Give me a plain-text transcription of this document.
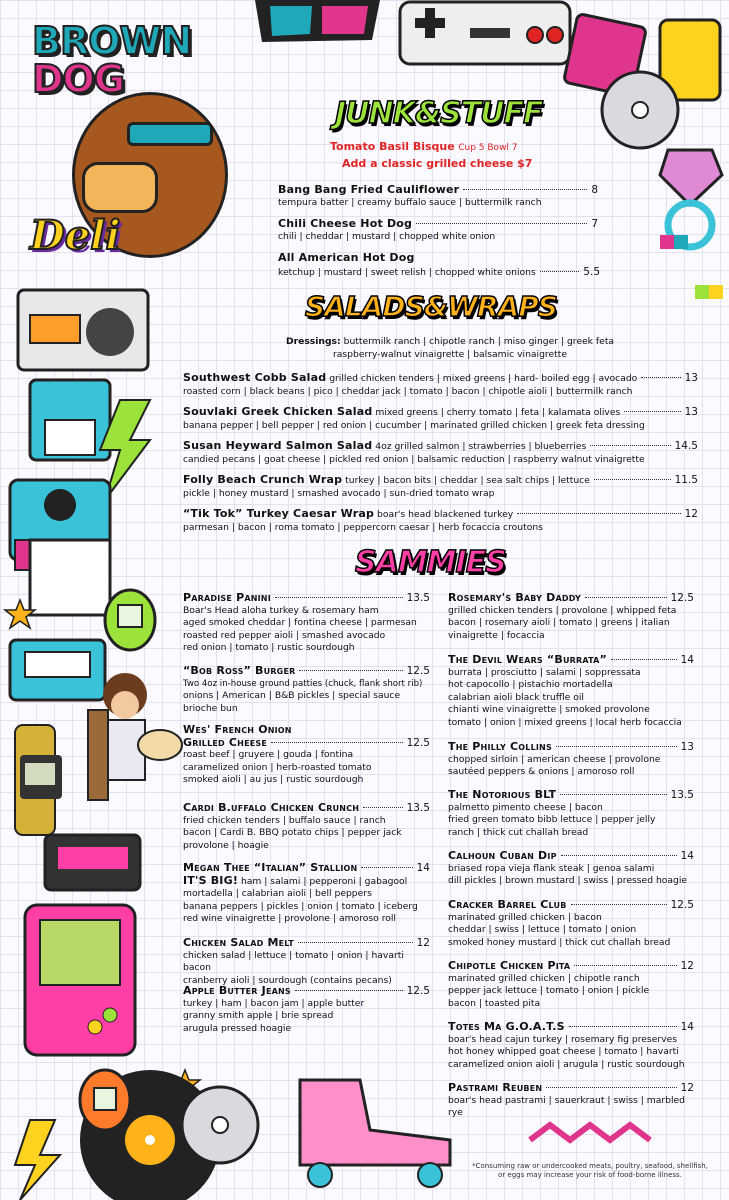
BROWN
DOG
Deli
JUNK&STUFF
Tomato Basil Bisque Cup 5 Bowl 7
Add a classic grilled cheese $7
Bang Bang Fried Cauliflower	8
tempura batter | creamy buffalo sauce | buttermilk ranch
Chili Cheese Hot Dog	7
chili | cheddar | mustard | chopped white onion
All American Hot Dog
ketchup | mustard | sweet relish | chopped white onions	5.5
SALADS&WRAPS
Dressings: buttermilk ranch | chipotle ranch | miso ginger | greek feta
raspberry-walnut vinaigrette | balsamic vinaigrette
Southwest Cobb Salad
grilled chicken tenders | mixed greens | hard- boiled egg | avocado	13
roasted corn | black beans | pico | cheddar jack | tomato | bacon | chipotle aioli | buttermilk ranch
Souvlaki Greek Chicken Salad
mixed greens | cherry tomato | feta | kalamata olives	13
banana pepper | bell pepper | red onion | cucumber | marinated grilled chicken | greek feta dressing
Susan Heyward Salmon Salad
4oz grilled salmon | strawberries | blueberries	14.5
candied pecans | goat cheese | pickled red onion | balsamic reduction | raspberry walnut vinaigrette
Folly Beach Crunch Wrap
turkey | bacon bits | cheddar | sea salt chips | lettuce	11.5
pickle | honey mustard | smashed avocado | sun-dried tomato wrap
“Tik Tok” Turkey Caesar Wrap
boar's head blackened turkey	12
parmesan | bacon | roma tomato | peppercorn caesar | herb focaccia croutons
SAMMIES
Paradise Panini	13.5
Boar's Head aloha turkey & rosemary ham
aged smoked cheddar | fontina cheese | parmesan
roasted red pepper aioli | smashed avocado
red onion | tomato | rustic sourdough
“Bob Ross” Burger	12.5
Two 4oz in-house ground patties (chuck, flank short rib)
onions | American | B&B pickles | special sauce
brioche bun
Wes' French Onion
Grilled Cheese	12.5
roast beef | gruyere | gouda | fontina
caramelized onion | herb-roasted tomato
smoked aioli | au jus | rustic sourdough
Cardi B.uffalo Chicken Crunch	13.5
fried chicken tenders | buffalo sauce | ranch
bacon | Cardi B. BBQ potato chips | pepper jack
provolone | hoagie
Megan Thee “Italian” Stallion	14
IT'S BIG! ham | salami | pepperoni | gabagool
mortadella | calabrian aioli | bell peppers
banana peppers | pickles | onion | tomato | iceberg
red wine vinaigrette | provolone | amoroso roll
Chicken Salad Melt	12
chicken salad | lettuce | tomato | onion | havarti bacon
cranberry aioli | sourdough (contains pecans)
Apple Butter Jeans	12.5
turkey | ham | bacon jam | apple butter
granny smith apple | brie spread
arugula pressed hoagie
Rosemary's Baby Daddy	12.5
grilled chicken tenders | provolone | whipped feta
bacon | rosemary aioli | tomato | greens | italian
vinaigrette | focaccia
The Devil Wears “Burrata”	14
burrata | prosciutto | salami | soppressata
hot capocollo | pistachio mortadella
calabrian aioli black truffle oil
chianti wine vinaigrette | smoked provolone
tomato | onion | mixed greens | local herb focaccia
The Philly Collins	13
chopped sirloin | american cheese | provolone
sautéed peppers & onions | amoroso roll
The Notorious BLT	13.5
palmetto pimento cheese | bacon
fried green tomato bibb lettuce | pepper jelly
ranch | thick cut challah bread
Calhoun Cuban Dip	14
briased ropa vieja flank steak | genoa salami
dill pickles | brown mustard | swiss | pressed hoagie
Cracker Barrel Club	12.5
marinated grilled chicken | bacon
cheddar | swiss | lettuce | tomato | onion
smoked honey mustard | thick cut challah bread
Chipotle Chicken Pita	12
marinated grilled chicken | chipotle ranch
pepper jack lettuce | tomato | onion | pickle
bacon | toasted pita
Totes Ma G.O.A.T.S	14
boar's head cajun turkey | rosemary fig preserves
hot honey whipped goat cheese | tomato | havarti
caramelized onion aioli | arugula | rustic sourdough
Pastrami Reuben	12
boar's head pastrami | sauerkraut | swiss | marbled rye
*Consuming raw or undercooked meats, poultry, seafood, shellfish, or eggs may increase your risk of food-borne illness.
